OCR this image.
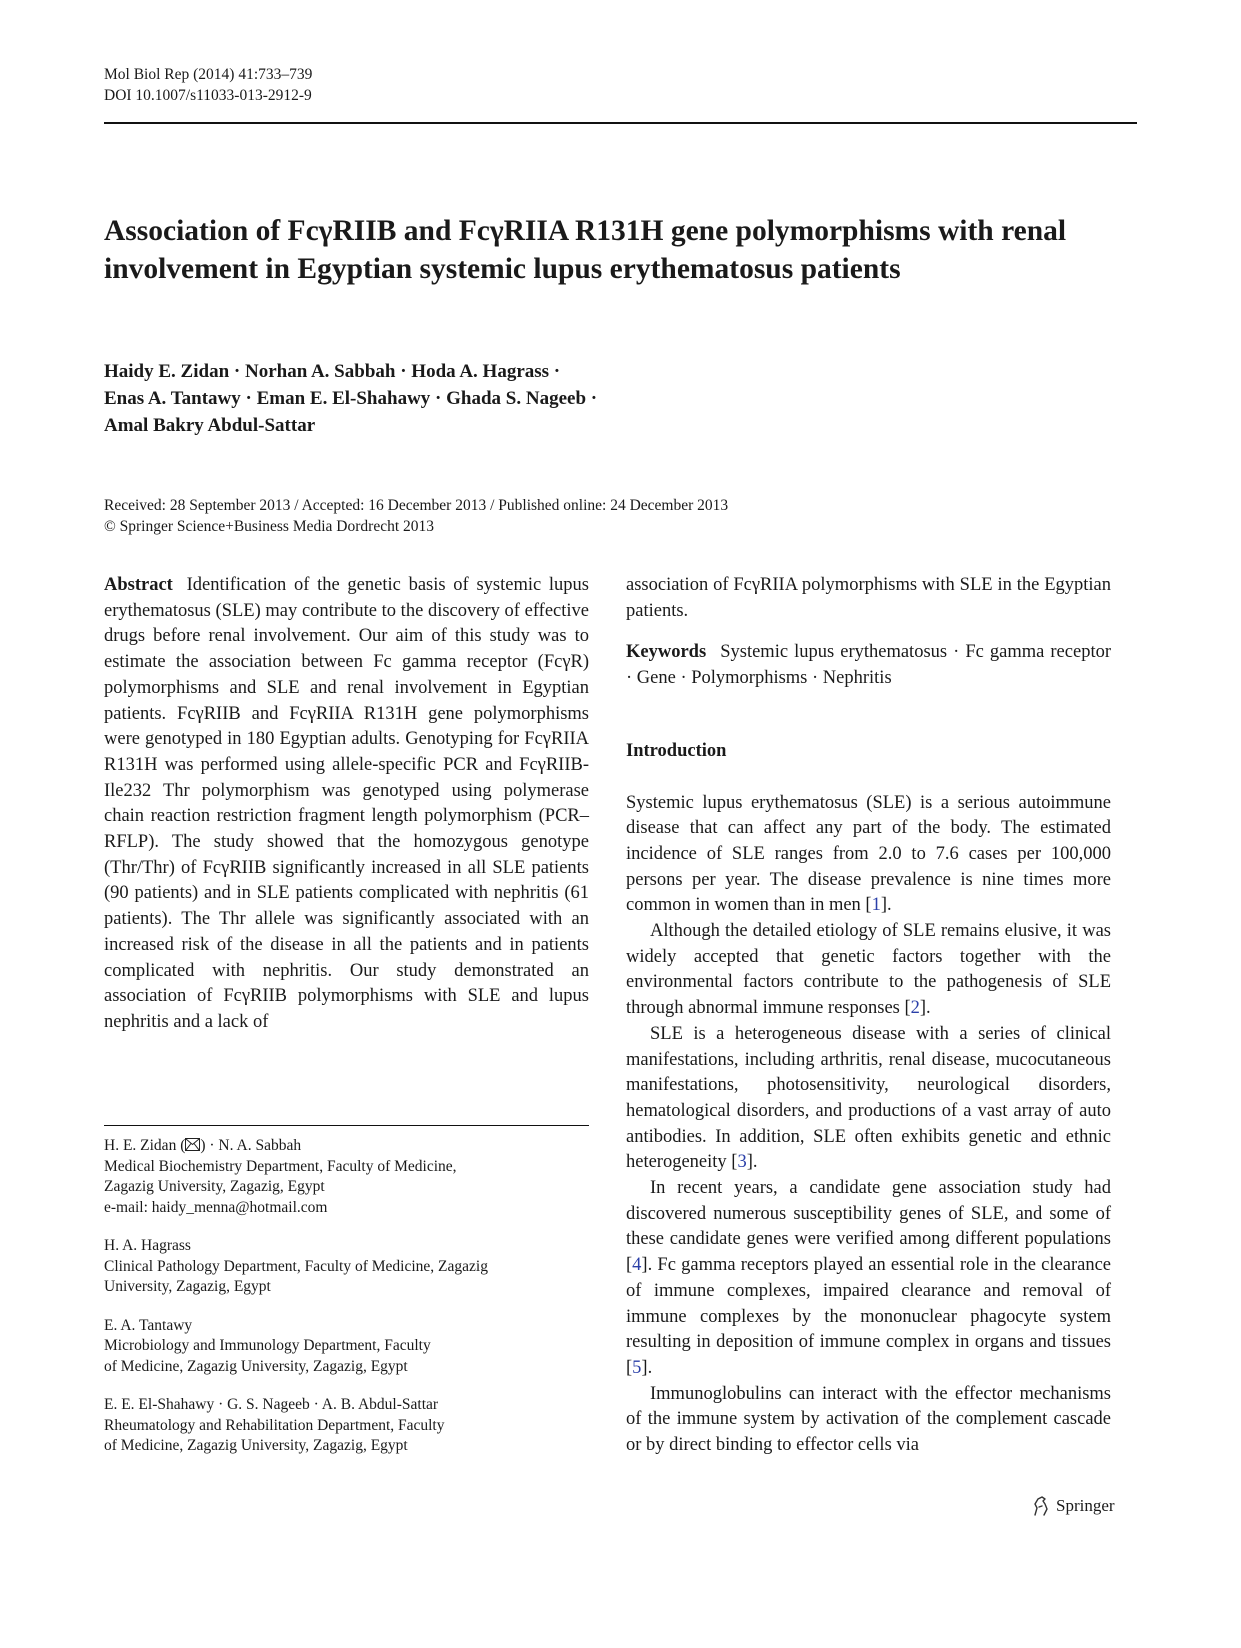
Mol Biol Rep (2014) 41:733–739
DOI 10.1007/s11033-013-2912-9
Association of FcγRIIB and FcγRIIA R131H gene polymorphisms with renal involvement in Egyptian systemic lupus erythematosus patients
Haidy E. Zidan · Norhan A. Sabbah · Hoda A. Hagrass ·
Enas A. Tantawy · Eman E. El-Shahawy · Ghada S. Nageeb ·
Amal Bakry Abdul-Sattar
Received: 28 September 2013 / Accepted: 16 December 2013 / Published online: 24 December 2013
© Springer Science+Business Media Dordrecht 2013

Abstract Identification of the genetic basis of systemic lupus erythematosus (SLE) may contribute to the discovery of effective drugs before renal involvement. Our aim of this study was to estimate the association between Fc gamma receptor (FcγR) polymorphisms and SLE and renal involvement in Egyptian patients. FcγRIIB and FcγRIIA R131H gene polymorphisms were genotyped in 180 Egyptian adults. Genotyping for FcγRIIA R131H was performed using allele-specific PCR and FcγRIIB-Ile232 Thr polymorphism was genotyped using polymerase chain reaction restriction fragment length polymorphism (PCR–RFLP). The study showed that the homozygous genotype (Thr/Thr) of FcγRIIB significantly increased in all SLE patients (90 patients) and in SLE patients complicated with nephritis (61 patients). The Thr allele was significantly associated with an increased risk of the disease in all the patients and in patients complicated with nephritis. Our study demonstrated an association of FcγRIIB polymorphisms with SLE and lupus nephritis and a lack of

H. E. Zidan ( ) · N. A. Sabbah
Medical Biochemistry Department, Faculty of Medicine,
Zagazig University, Zagazig, Egypt
e-mail: haidy_menna@hotmail.com
H. A. Hagrass
Clinical Pathology Department, Faculty of Medicine, Zagazig
University, Zagazig, Egypt
E. A. Tantawy
Microbiology and Immunology Department, Faculty
of Medicine, Zagazig University, Zagazig, Egypt
E. E. El-Shahawy · G. S. Nageeb · A. B. Abdul-Sattar
Rheumatology and Rehabilitation Department, Faculty
of Medicine, Zagazig University, Zagazig, Egypt

association of FcγRIIA polymorphisms with SLE in the Egyptian patients.

Keywords Systemic lupus erythematosus · Fc gamma receptor · Gene · Polymorphisms · Nephritis

Introduction

Systemic lupus erythematosus (SLE) is a serious autoimmune disease that can affect any part of the body. The estimated incidence of SLE ranges from 2.0 to 7.6 cases per 100,000 persons per year. The disease prevalence is nine times more common in women than in men [1].

Although the detailed etiology of SLE remains elusive, it was widely accepted that genetic factors together with the environmental factors contribute to the pathogenesis of SLE through abnormal immune responses [2].

SLE is a heterogeneous disease with a series of clinical manifestations, including arthritis, renal disease, mucocutaneous manifestations, photosensitivity, neurological disorders, hematological disorders, and productions of a vast array of auto antibodies. In addition, SLE often exhibits genetic and ethnic heterogeneity [3].

In recent years, a candidate gene association study had discovered numerous susceptibility genes of SLE, and some of these candidate genes were verified among different populations [4]. Fc gamma receptors played an essential role in the clearance of immune complexes, impaired clearance and removal of immune complexes by the mononuclear phagocyte system resulting in deposition of immune complex in organs and tissues [5].

Immunoglobulins can interact with the effector mechanisms of the immune system by activation of the complement cascade or by direct binding to effector cells via

Springer
